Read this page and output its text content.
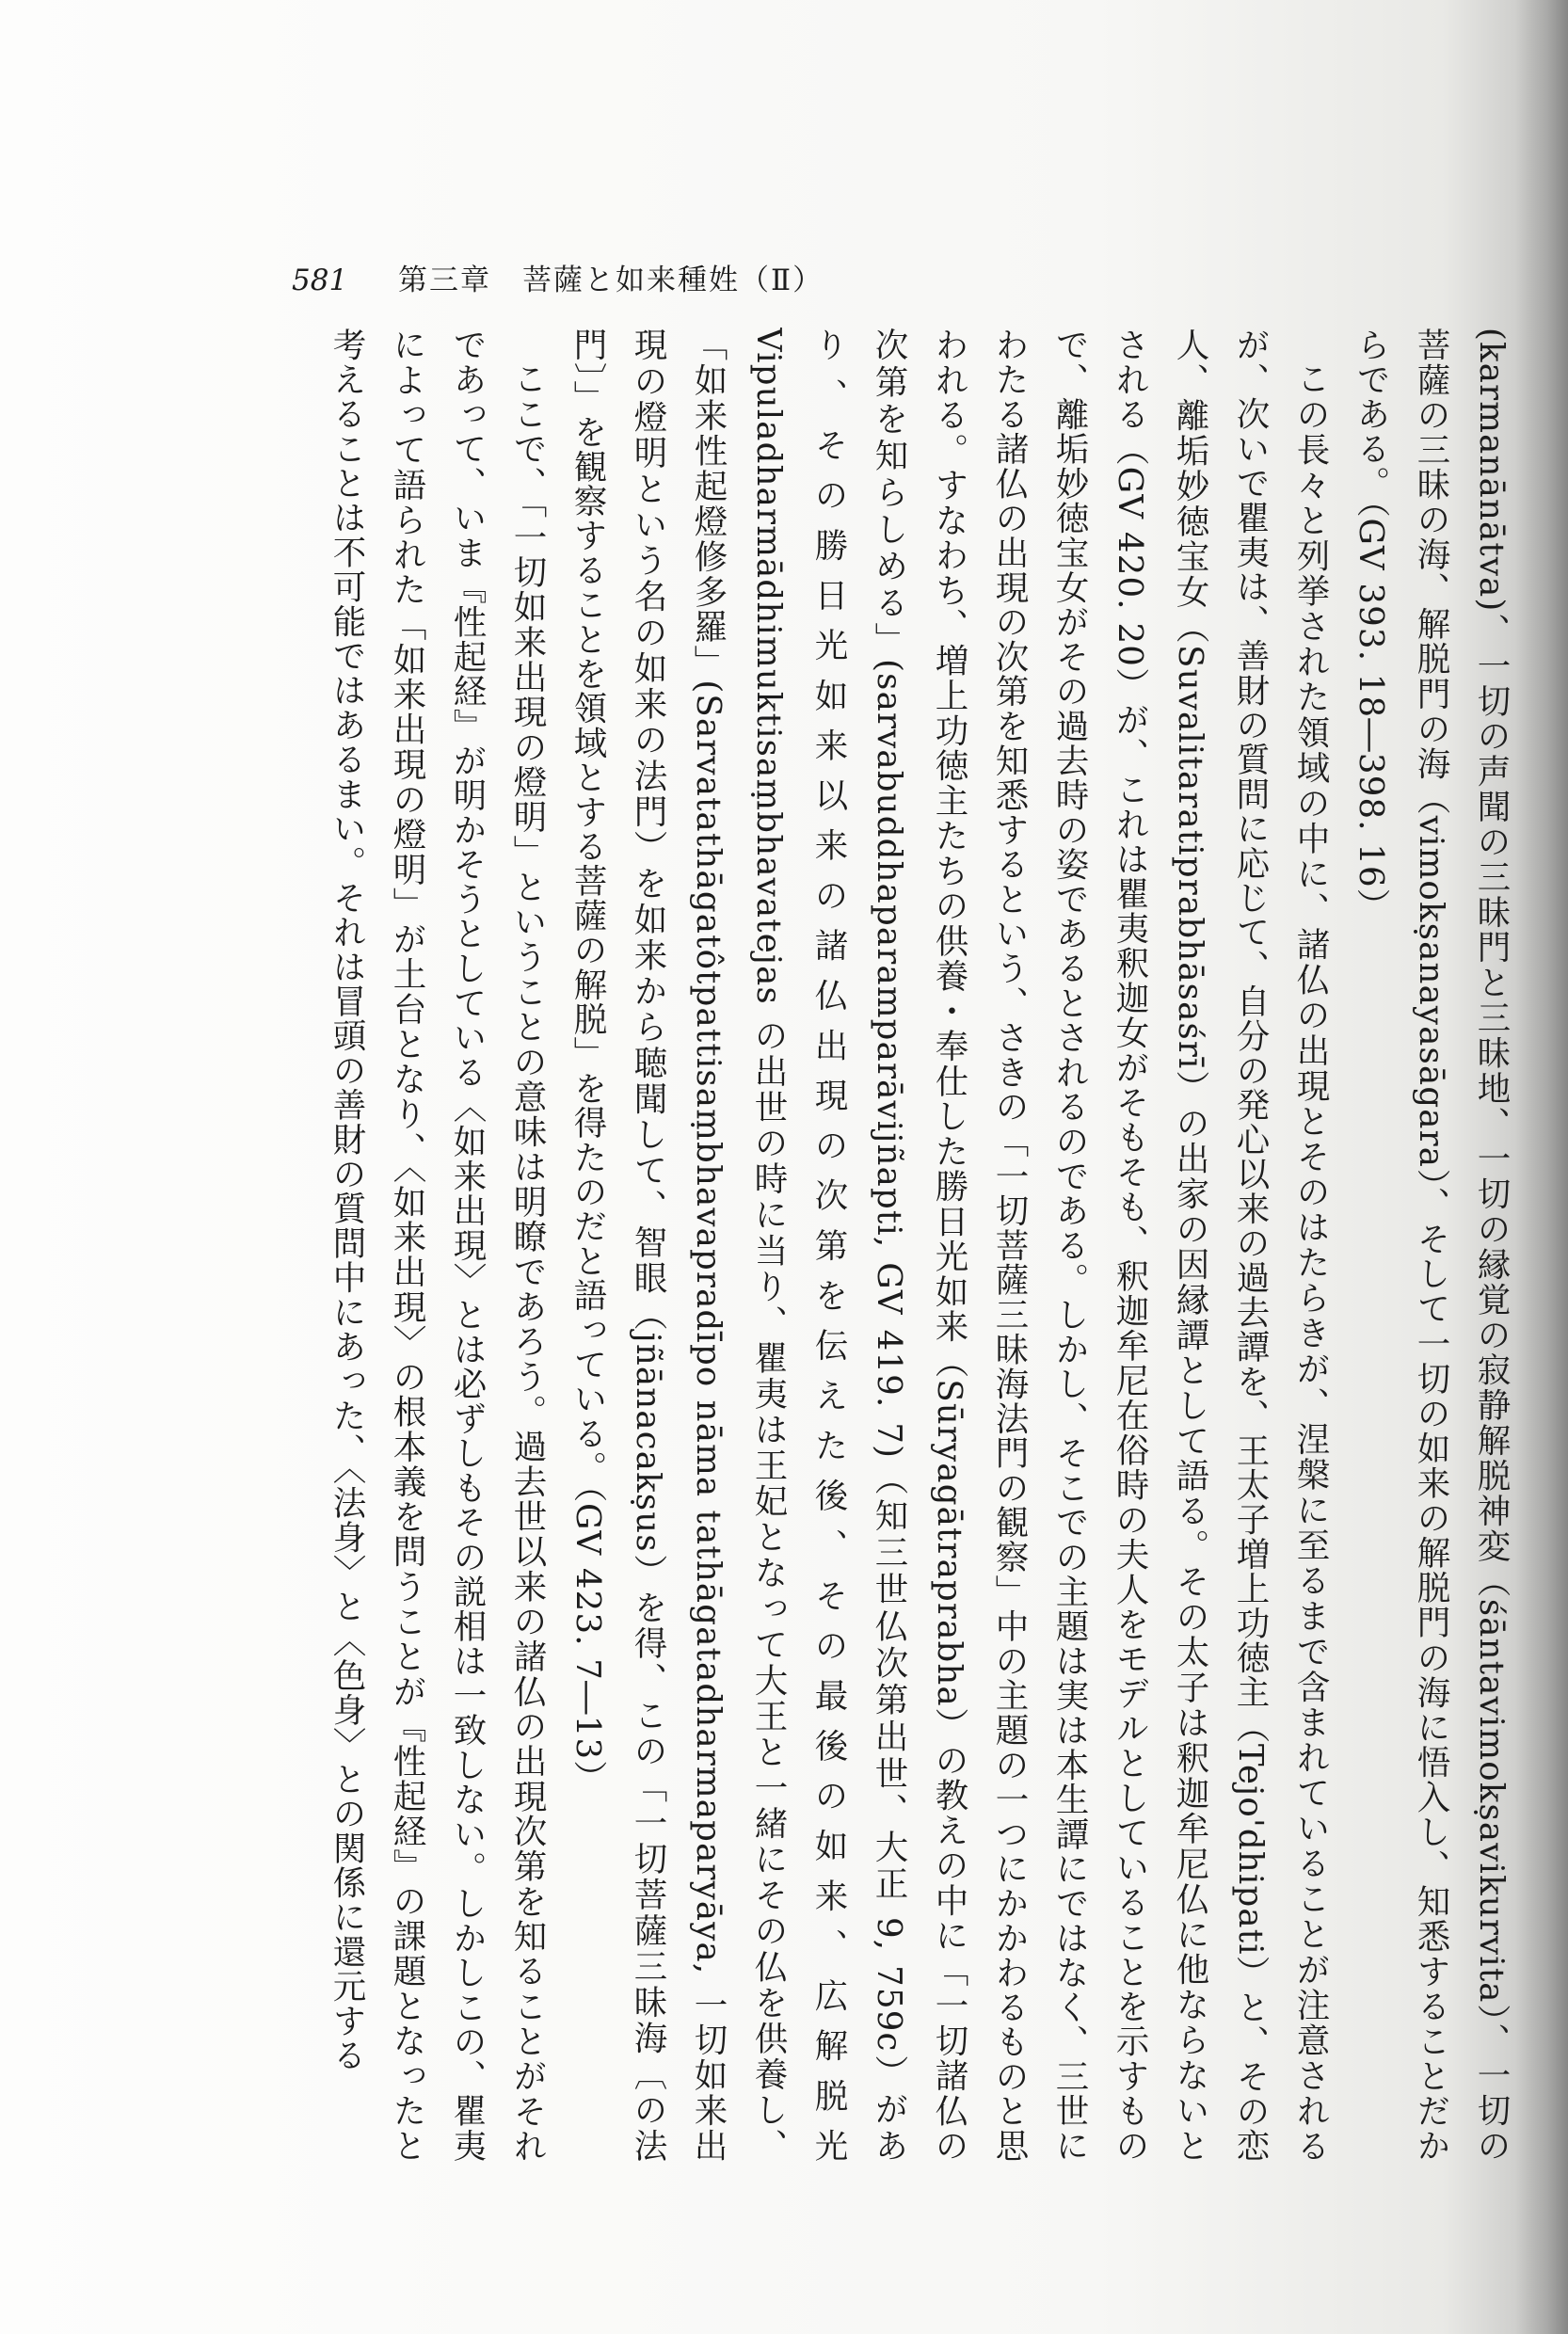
581 第三章　菩薩と如来種姓（Ⅱ）

(karmanānātva)、一切の声聞の三昧門と三昧地、一切の縁覚の寂静解脱神変（śāntavimokṣavikurvita）、一切の菩薩の三昧の海、解脱門の海（vimokṣanayasāgara）、そして一切の如来の解脱門の海に悟入し、知悉することだからである。（GV 393. 18―398. 16）

この長々と列挙された領域の中に、諸仏の出現とそのはたらきが、涅槃に至るまで含まれていることが注意されるが、次いで瞿夷は、善財の質問に応じて、自分の発心以来の過去譚を、王太子増上功徳主（Tejo'dhipati）と、その恋人、離垢妙徳宝女（Suvalitaratiprabhāsaśrī）の出家の因縁譚として語る。その太子は釈迦牟尼仏に他ならないとされる（GV 420. 20）が、これは瞿夷釈迦女がそもそも、釈迦牟尼在俗時の夫人をモデルとしていることを示すもので、離垢妙徳宝女がその過去時の姿であるとされるのである。しかし、そこでの主題は実は本生譚にではなく、三世にわたる諸仏の出現の次第を知悉するという、さきの「一切菩薩三昧海法門の観察」中の主題の一つにかかわるものと思われる。すなわち、増上功徳主たちの供養・奉仕した勝日光如来（Sūryagātraprabha）の教えの中に「一切諸仏の次第を知らしめる」(sarvabuddhaparamparāvijñapti, GV 419. 7)（知三世仏次第出世、大正 9, 759c）があり、その勝日光如来以来の諸仏出現の次第を伝えた後、その最後の如来、広解脱光 Vipuladharmādhimuktisaṃbhavatejas の出世の時に当り、瞿夷は王妃となって大王と一緒にその仏を供養し、「如来性起燈修多羅」(Sarvatathāgatôtpattisaṃbhavapradīpo nāma tathāgatadharmaparyāya, 一切如来出現の燈明という名の如来の法門）を如来から聴聞して、智眼（jñānacakṣus）を得、この「一切菩薩三昧海〔の法門〕」を観察することを領域とする菩薩の解脱」を得たのだと語っている。（GV 423. 7―13）

ここで、「一切如来出現の燈明」ということの意味は明瞭であろう。過去世以来の諸仏の出現次第を知ることがそれであって、いま『性起経』が明かそうとしている〈如来出現〉とは必ずしもその説相は一致しない。しかしこの、瞿夷によって語られた「如来出現の燈明」が土台となり、〈如来出現〉の根本義を問うことが『性起経』の課題となったと考えることは不可能ではあるまい。それは冒頭の善財の質問中にあった、〈法身〉と〈色身〉との関係に還元する
